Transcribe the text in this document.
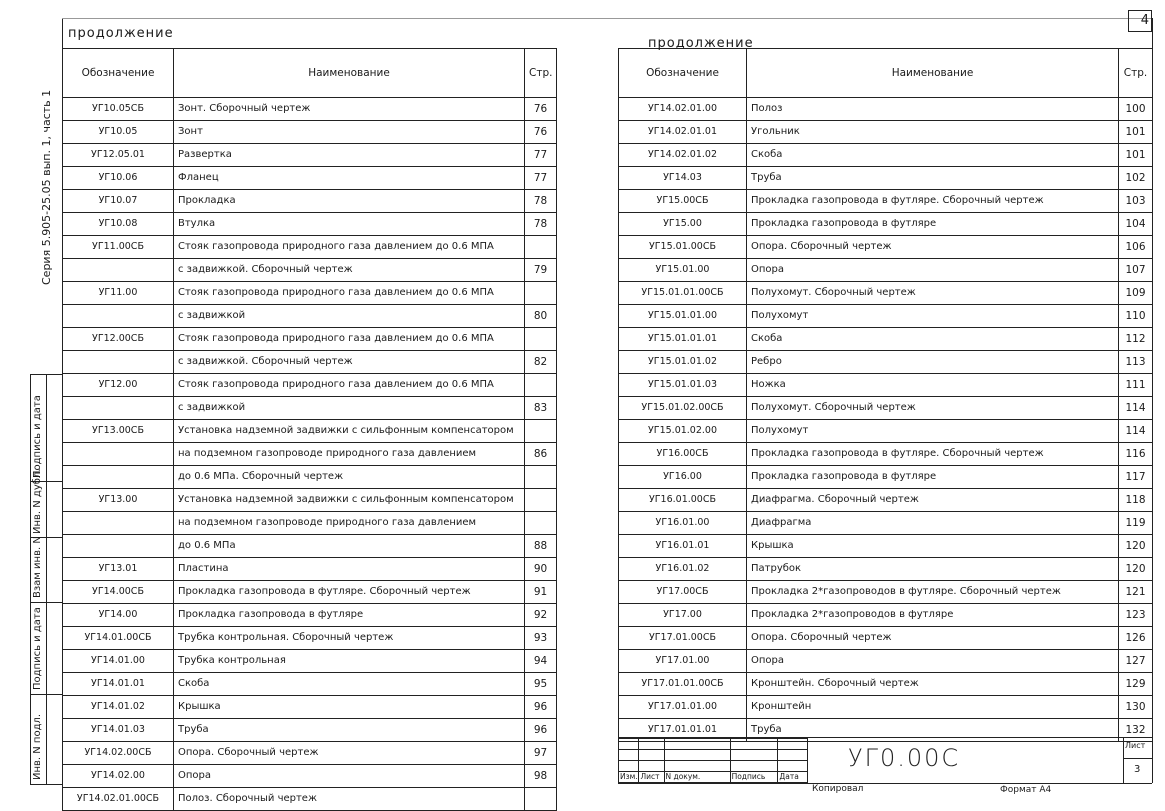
4
Серия 5.905-25.05 вып. 1, часть 1
Инв. N подл.
Подпись и дата
Взам инв. N
Инв. N дубл.
Подпись и дата
продолжение
продолжение
Обозначение	Наименование	Стр.
УГ10.05СБ	Зонт. Сборочный чертеж	76
УГ10.05	Зонт	76
УГ12.05.01	Развертка	77
УГ10.06	Фланец	77
УГ10.07	Прокладка	78
УГ10.08	Втулка	78
УГ11.00СБ	Стояк газопровода природного газа давлением до 0.6 МПА	
	с задвижкой. Сборочный чертеж	79
УГ11.00	Стояк газопровода природного газа давлением до 0.6 МПА	
	с задвижкой	80
УГ12.00СБ	Стояк газопровода природного газа давлением до 0.6 МПА	
	с задвижкой. Сборочный чертеж	82
УГ12.00	Стояк газопровода природного газа давлением до 0.6 МПА	
	с задвижкой	83
УГ13.00СБ	Установка надземной задвижки с сильфонным компенсатором	
	на подземном газопроводе природного газа давлением	86
	до 0.6 МПа. Сборочный чертеж	
УГ13.00	Установка надземной задвижки с сильфонным компенсатором	
	на подземном газопроводе природного газа давлением	
	до 0.6 МПа	88
УГ13.01	Пластина	90
УГ14.00СБ	Прокладка газопровода в футляре. Сборочный чертеж	91
УГ14.00	Прокладка газопровода в футляре	92
УГ14.01.00СБ	Трубка контрольная. Сборочный чертеж	93
УГ14.01.00	Трубка контрольная	94
УГ14.01.01	Скоба	95
УГ14.01.02	Крышка	96
УГ14.01.03	Труба	96
УГ14.02.00СБ	Опора. Сборочный чертеж	97
УГ14.02.00	Опора	98
УГ14.02.01.00СБ	Полоз. Сборочный чертеж	
Обозначение	Наименование	Стр.
УГ14.02.01.00	Полоз	100
УГ14.02.01.01	Угольник	101
УГ14.02.01.02	Скоба	101
УГ14.03	Труба	102
УГ15.00СБ	Прокладка газопровода в футляре. Сборочный чертеж	103
УГ15.00	Прокладка газопровода в футляре	104
УГ15.01.00СБ	Опора. Сборочный чертеж	106
УГ15.01.00	Опора	107
УГ15.01.01.00СБ	Полухомут. Сборочный чертеж	109
УГ15.01.01.00	Полухомут	110
УГ15.01.01.01	Скоба	112
УГ15.01.01.02	Ребро	113
УГ15.01.01.03	Ножка	111
УГ15.01.02.00СБ	Полухомут. Сборочный чертеж	114
УГ15.01.02.00	Полухомут	114
УГ16.00СБ	Прокладка газопровода в футляре. Сборочный чертеж	116
УГ16.00	Прокладка газопровода в футляре	117
УГ16.01.00СБ	Диафрагма. Сборочный чертеж	118
УГ16.01.00	Диафрагма	119
УГ16.01.01	Крышка	120
УГ16.01.02	Патрубок	120
УГ17.00СБ	Прокладка 2*газопроводов в футляре. Сборочный чертеж	121
УГ17.00	Прокладка 2*газопроводов в футляре	123
УГ17.01.00СБ	Опора. Сборочный чертеж	126
УГ17.01.00	Опора	127
УГ17.01.01.00СБ	Кронштейн. Сборочный чертеж	129
УГ17.01.01.00	Кронштейн	130
УГ17.01.01.01	Труба	132

Изм.	Лист	N докум.	Подпись	Дата
УГ0.00С	Лист
3
Копировал	Формат А4
